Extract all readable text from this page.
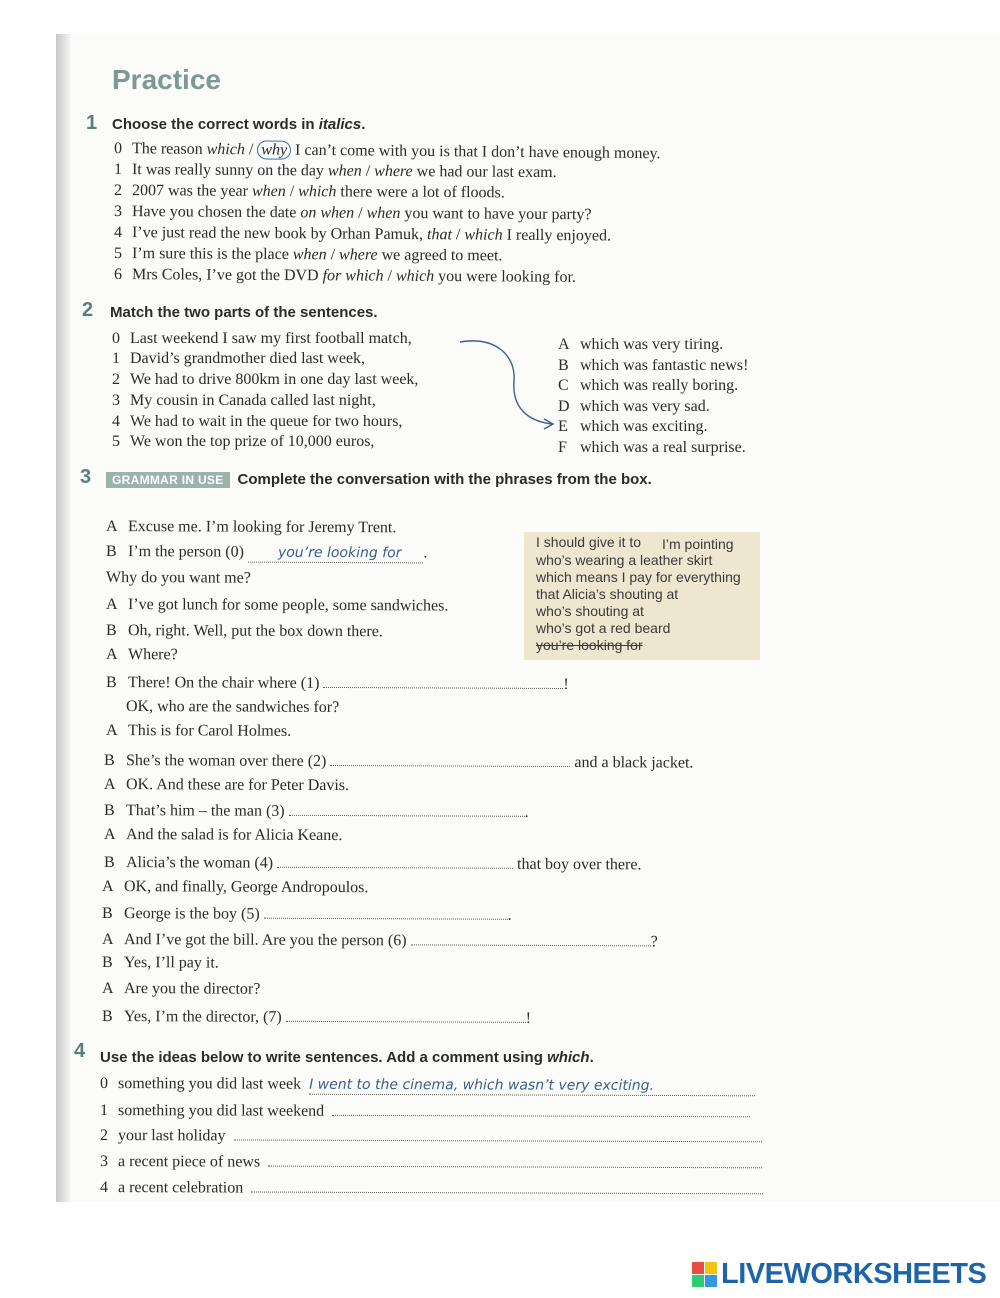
Practice
1 Choose the correct words in italics.
0 The reason which / why I can’t come with you is that I don’t have enough money.
1 It was really sunny on the day when / where we had our last exam.
2 2007 was the year when / which there were a lot of floods.
3 Have you chosen the date on when / when you want to have your party?
4 I’ve just read the new book by Orhan Pamuk, that / which I really enjoyed.
5 I’m sure this is the place when / where we agreed to meet.
6 Mrs Coles, I’ve got the DVD for which / which you were looking for.
2 Match the two parts of the sentences.
0 Last weekend I saw my first football match,
1 David’s grandmother died last week,
2 We had to drive 800km in one day last week,
3 My cousin in Canada called last night,
4 We had to wait in the queue for two hours,
5 We won the top prize of 10,000 euros,
A which was very tiring.
B which was fantastic news!
C which was really boring.
D which was very sad.
E which was exciting.
F which was a real surprise.
3	GRAMMAR IN USE Complete the conversation with the phrases from the box.
I should give it to I’m pointing
who’s wearing a leather skirt
which means I pay for everything
that Alicia’s shouting at
who’s shouting at
who’s got a red beard
you’re looking for
A Excuse me. I’m looking for Jeremy Trent.
B I’m the person (0) you’re looking for .
Why do you want me?
A I’ve got lunch for some people, some sandwiches.
B Oh, right. Well, put the box down there.
A Where?
B There! On the chair where (1)	!
OK, who are the sandwiches for?
A This is for Carol Holmes.
B She’s the woman over there (2)	and a black jacket.
A OK. And these are for Peter Davis.
B That’s him – the man (3)	.
A And the salad is for Alicia Keane.
B Alicia’s the woman (4)	that boy over there.
A OK, and finally, George Andropoulos.
B George is the boy (5)	.
A And I’ve got the bill. Are you the person (6)	?
B Yes, I’ll pay it.
A Are you the director?
B Yes, I’m the director, (7)	!
4 Use the ideas below to write sentences. Add a comment using which.
0 something you did last week I went to the cinema, which wasn’t very exciting.
1 something you did last weekend
2 your last holiday
3 a recent piece of news
4 a recent celebration
LIVEWORKSHEETS
